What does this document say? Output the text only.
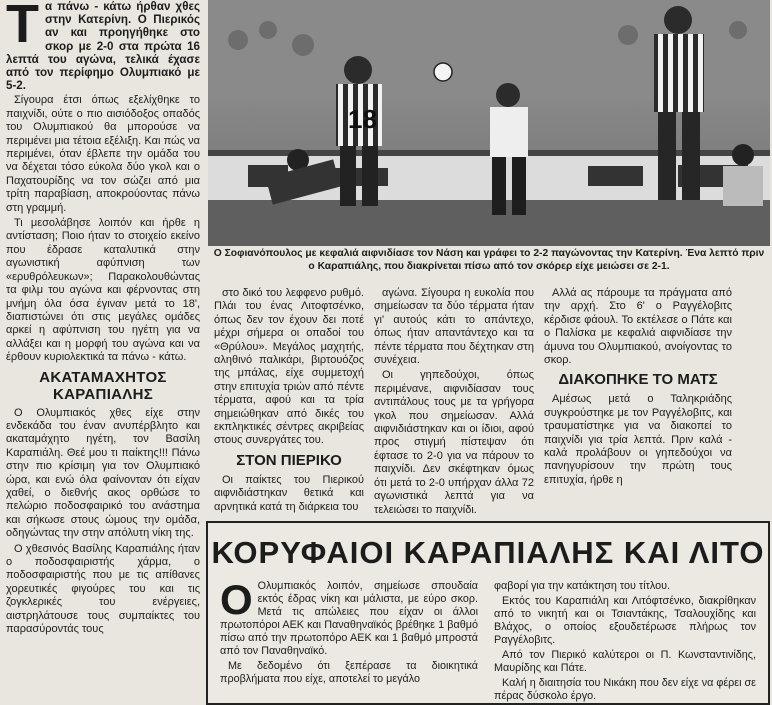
Τα πάνω - κάτω ήρθαν χθες στην Κατερίνη. Ο Πιερικός αν και προηγήθηκε στο σκορ με 2-0 στα πρώτα 16 λεπτά του αγώνα, τελικά έχασε από τον περίφημο Ολυμπιακό με 5-2.

Σίγουρα έτσι όπως εξελίχθηκε το παιχνίδι, ούτε ο πιο αισιόδοξος οπαδός του Ολυμπιακού θα μπορούσε να περιμένει μια τέτοια εξέλιξη. Και πώς να περιμένει, όταν έβλεπε την ομάδα του να δέχεται τόσο εύκολα δύο γκολ και ο Παχατουρίδης να τον σώζει από μια τρίτη παραβίαση, αποκρούοντας πάνω στη γραμμή.

Τι μεσολάβησε λοιπόν και ήρθε η αντίσταση; Ποιο ήταν το στοιχείο εκείνο που έδρασε καταλυτικά στην αγωνιστική αφύπνιση των «ερυθρόλευκων»; Παρακολουθώντας τα φιλμ του αγώνα και φέρνοντας στη μνήμη όλα όσα έγιναν μετά το 18', διαπιστώνει ότι στις μεγάλες ομάδες αρκεί η αφύπνιση του ηγέτη για να αλλάξει και η μορφή του αγώνα και να έρθουν κυριολεκτικά τα πάνω - κάτω.

ΑΚΑΤΑΜΑΧΗΤΟΣ ΚΑΡΑΠΙΑΛΗΣ

Ο Ολυμπιακός χθες είχε στην ενδεκάδα του έναν ανυπέρβλητο και ακαταμάχητο ηγέτη, τον Βασίλη Καραπιάλη. Θεέ μου τι παίκτης!!! Πάνω στην πιο κρίσιμη για τον Ολυμπιακό ώρα, και ενώ όλα φαίνονταν ότι είχαν χαθεί, ο διεθνής ακος ορθώσε το πελώριο ποδοσφαιρικό του ανάστημα και σήκωσε στους ώμους την ομάδα, οδηγώντας την στην απόλυτη νίκη της.

Ο χθεσινός Βασίλης Καραπιάλης ήταν ο ποδοσφαιριστής χάρμα, ο ποδοσφαιριστής που με τις απίθανες χορευτικές φιγούρες του και τις ζογκλερικές του ενέργειες, αιστρηλάτουσε τους συμπαίκτες του παρασύροντάς τους

18
Ο Σοφιανόπουλος με κεφαλιά αιφνιδίασε τον Νάση και γράφει το 2-2 παγώνοντας την Κατερίνη. Ένα λεπτό πριν ο Καραπιάλης, που διακρίνεται πίσω από τον σκόρερ είχε μειώσει σε 2-1.

στο δικό του λεφφενο ρυθμό. Πλάι του ένας Λιτοφτσένκο, όπως δεν τον έχουν δει ποτέ μέχρι σήμερα οι οπαδοί του «Θρύλου». Μεγάλος μαχητής, αληθινό παλικάρι, βιρτουόζος της μπάλας, είχε συμμετοχή στην επιτυχία τριών από πέντε τέρματα, αφού και τα τρία σημειώθηκαν από δικές του εκπληκτικές σέντρες ακριβείας στους συνεργάτες του.

ΣΤΟΝ ΠΙΕΡΙΚΟ

Οι παίκτες του Πιερικού αιφνιδιάστηκαν θετικά και αρνητικά κατά τη διάρκεια του

αγώνα. Σίγουρα η ευκολία που σημείωσαν τα δύο τέρματα ήταν γι' αυτούς κάτι το απάντεχο, όπως ήταν απαντάντεχο και τα πέντε τέρματα που δέχτηκαν στη συνέχεια.

Οι γηπεδούχοι, όπως περιμένανε, αιφνιδίασαν τους αντιπάλους τους με τα γρήγορα γκολ που σημείωσαν. Αλλά αιφνιδιάστηκαν και οι ίδιοι, αφού προς στιγμή πίστεψαν ότι έφτασε το 2-0 για να πάρουν το παιχνίδι. Δεν σκέφτηκαν όμως ότι μετά το 2-0 υπήρχαν άλλα 72 αγωνιστικά λεπτά για να τελειώσει το παιχνίδι.

Αλλά ας πάρουμε τα πράγματα από την αρχή. Στο 6' ο Ραγγέλοβιτς κέρδισε φάουλ. Το εκτέλεσε ο Πάτε και ο Παλίσκα με κεφαλιά αιφνιδίασε την άμυνα του Ολυμπιακού, ανοίγοντας το σκορ.

ΔΙΑΚΟΠΗΚΕ ΤΟ ΜΑΤΣ

Αμέσως μετά ο Ταληκριάδης συγκρούστηκε με τον Ραγγέλοβιτς, και τραυματίστηκε για να διακοπεί το παιχνίδι για τρία λεπτά. Πριν καλά - καλά προλάβουν οι γηπεδούχοι να πανηγυρίσουν την πρώτη τους επιτυχία, ήρθε η

ΚΟΡΥΦΑΙΟΙ ΚΑΡΑΠΙΑΛΗΣ ΚΑΙ ΛΙΤΟ

Ο Ολυμπιακός λοιπόν, σημείωσε σπουδαία εκτός έδρας νίκη και μάλιστα, με εύρο σκορ. Μετά τις απώλειες που είχαν οι άλλοι πρωτοπόροι ΑΕΚ και Παναθηναϊκός βρέθηκε 1 βαθμό πίσω από την πρωτοπόρο ΑΕΚ και 1 βαθμό μπροστά από τον Παναθηναϊκό.

Με δεδομένο ότι ξεπέρασε τα διοικητικά προβλήματα που είχε, αποτελεί το μεγάλο

φαβορί για την κατάκτηση του τίτλου.

Εκτός του Καραπιάλη και Λιτόφτσένκο, διακρίθηκαν από το νικητή και οι Τσιαντάκης, Τσαλουχίδης και Βλάχος, ο οποίος εξουδετέρωσε πλήρως τον Ραγγέλοβιτς.

Από τον Πιερικό καλύτεροι οι Π. Κωνσταντινίδης, Μαυρίδης και Πάτε.

Καλή η διαιτησία του Νικάκη που δεν είχε να φέρει σε πέρας δύσκολο έργο.
